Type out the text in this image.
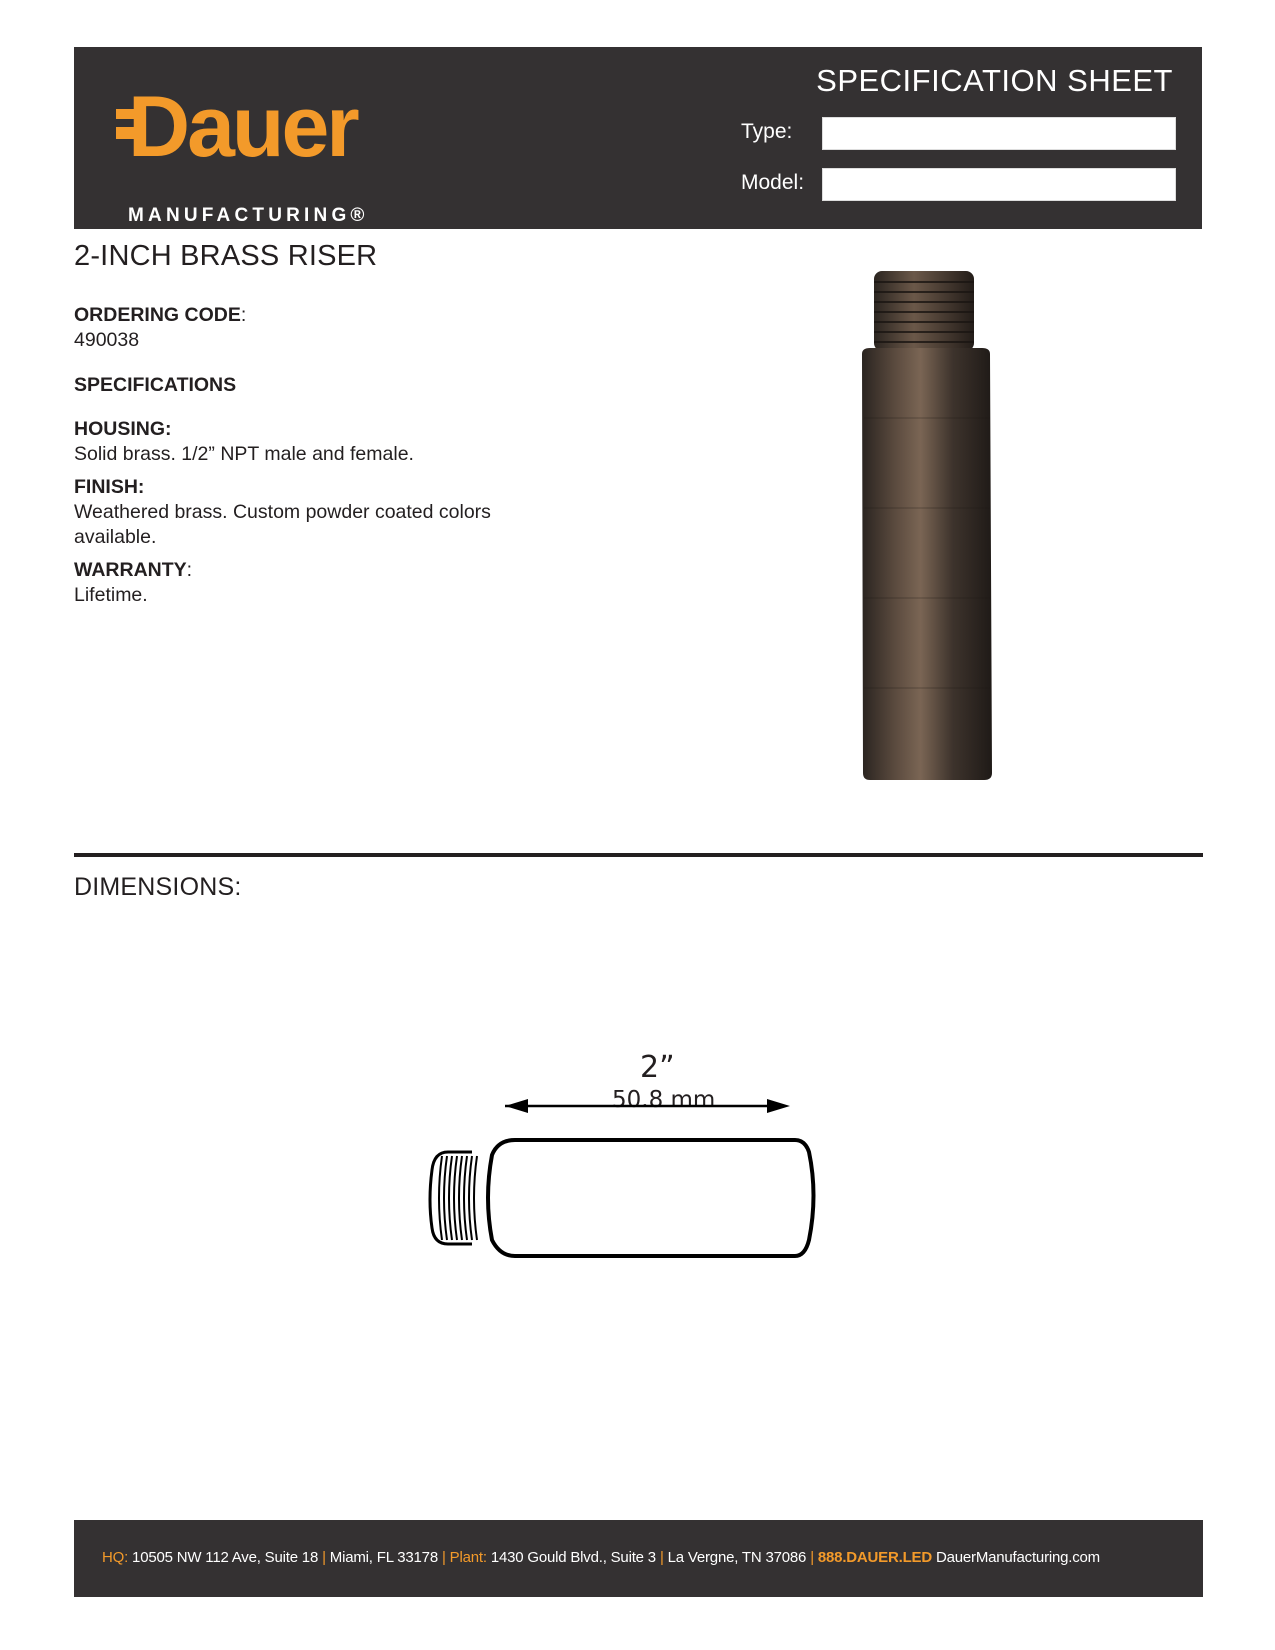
Dauer
MANUFACTURING®
SPECIFICATION SHEET
Type:
Model:
2-INCH BRASS RISER
ORDERING CODE:
490038
SPECIFICATIONS
HOUSING:
Solid brass. 1/2” NPT male and female.
FINISH:
Weathered brass. Custom powder coated colors
available.
WARRANTY:
Lifetime.
DIMENSIONS:
2”
50.8 mm
HQ: 10505 NW 112 Ave, Suite 18 | Miami, FL 33178 | Plant: 1430 Gould Blvd., Suite 3 | La Vergne, TN 37086 | 888.DAUER.LED DauerManufacturing.com
